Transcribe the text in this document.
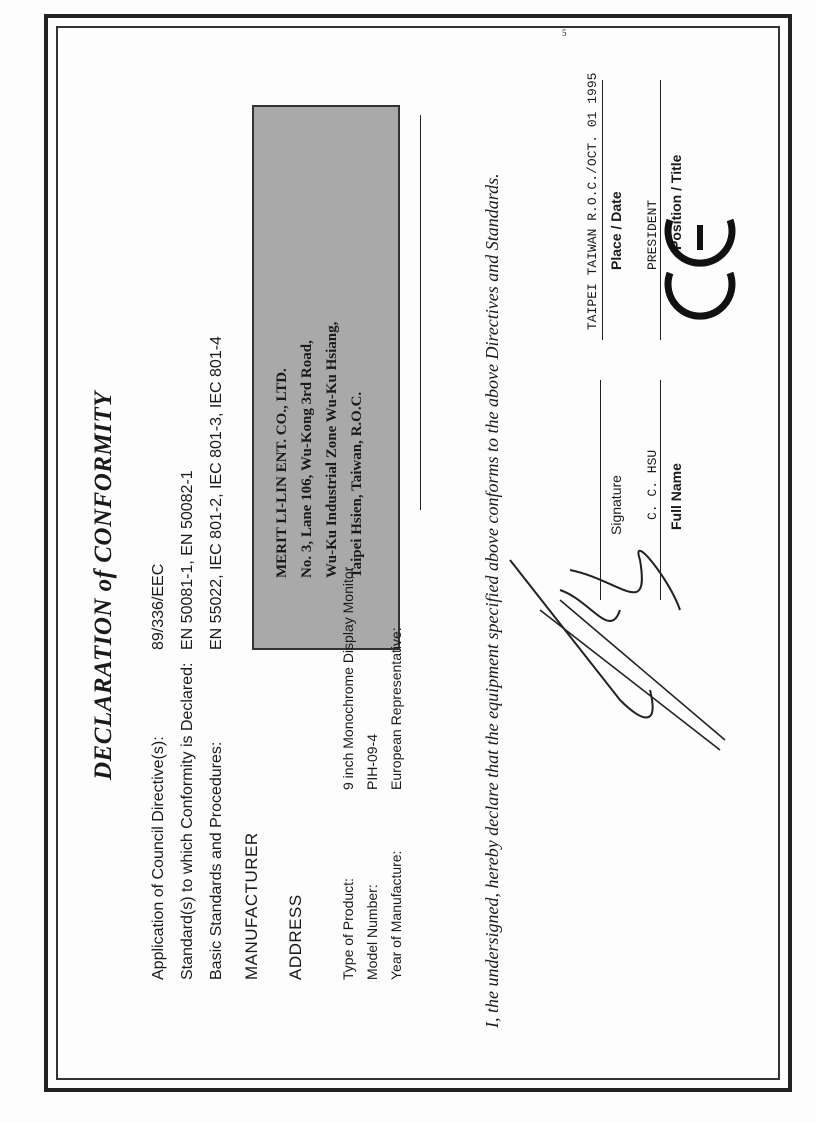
5
DECLARATION of CONFORMITY
Application of Council Directive(s):
89/336/EEC
Standard(s) to which Conformity is Declared:
EN 50081-1, EN 50082-1
Basic Standards and Procedures:
EN 55022, IEC 801-2, IEC 801-3, IEC 801-4
MANUFACTURER ADDRESS
MERIT LI-LIN ENT. CO., LTD. No. 3, Lane 106, Wu-Kong 3rd Road, Wu-Ku Industrial Zone Wu-Ku Hsiang, Taipei Hsien, Taiwan, R.O.C.
Type of Product:
9 inch Monochrome Display Monitor
Model Number:
PIH-09-4
Year of Manufacture:
European Representative:	I, the undersigned, hereby declare that the equipment specified above conforms to the above Directives and Standards.	Signature
TAIPEI TAIWAN R.O.C./OCT. 01 1995 Place / Date
C. C. HSU Full Name
PRESIDENT Position / Title
